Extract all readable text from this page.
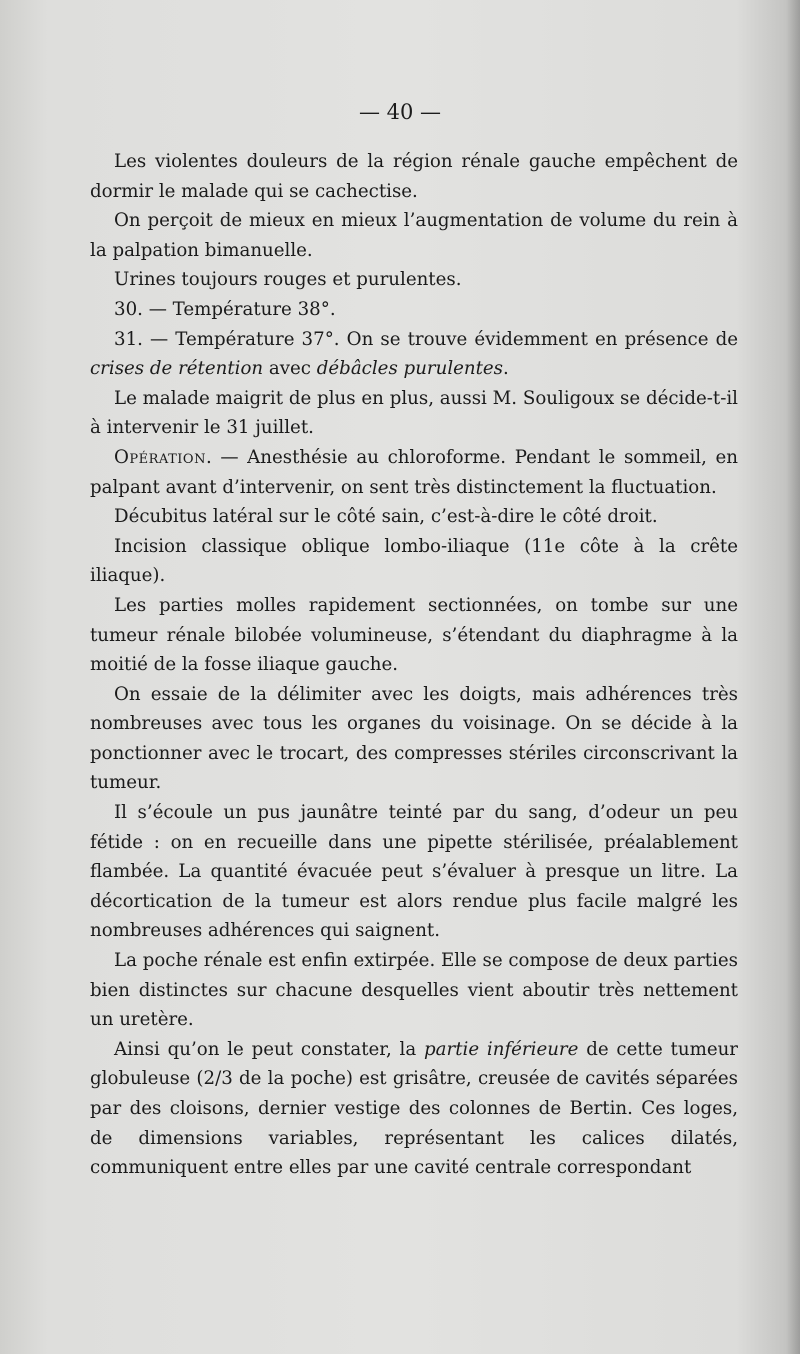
— 40 —

Les violentes douleurs de la région rénale gauche empêchent de dormir le malade qui se cachectise.

On perçoit de mieux en mieux l’augmentation de volume du rein à la palpation bimanuelle.

Urines toujours rouges et purulentes.

30. — Température 38°.

31. — Température 37°. On se trouve évidemment en présence de crises de rétention avec débâcles purulentes.

Le malade maigrit de plus en plus, aussi M. Souligoux se décide-t-il à intervenir le 31 juillet.

Opération. — Anesthésie au chloroforme. Pendant le sommeil, en palpant avant d’intervenir, on sent très distinctement la fluctuation.

Décubitus latéral sur le côté sain, c’est-à-dire le côté droit.

Incision classique oblique lombo-iliaque (11e côte à la crête iliaque).

Les parties molles rapidement sectionnées, on tombe sur une tumeur rénale bilobée volumineuse, s’étendant du diaphragme à la moitié de la fosse iliaque gauche.

On essaie de la délimiter avec les doigts, mais adhérences très nombreuses avec tous les organes du voisinage. On se décide à la ponctionner avec le trocart, des compresses stériles circonscrivant la tumeur.

Il s’écoule un pus jaunâtre teinté par du sang, d’odeur un peu fétide : on en recueille dans une pipette stérilisée, préalablement flambée. La quantité évacuée peut s’évaluer à presque un litre. La décortication de la tumeur est alors rendue plus facile malgré les nombreuses adhérences qui saignent.

La poche rénale est enfin extirpée. Elle se compose de deux parties bien distinctes sur chacune desquelles vient aboutir très nettement un uretère.

Ainsi qu’on le peut constater, la partie inférieure de cette tumeur globuleuse (2/3 de la poche) est grisâtre, creusée de cavités séparées par des cloisons, dernier vestige des colonnes de Bertin. Ces loges, de dimensions variables, représentant les calices dilatés, communiquent entre elles par une cavité centrale correspondant
